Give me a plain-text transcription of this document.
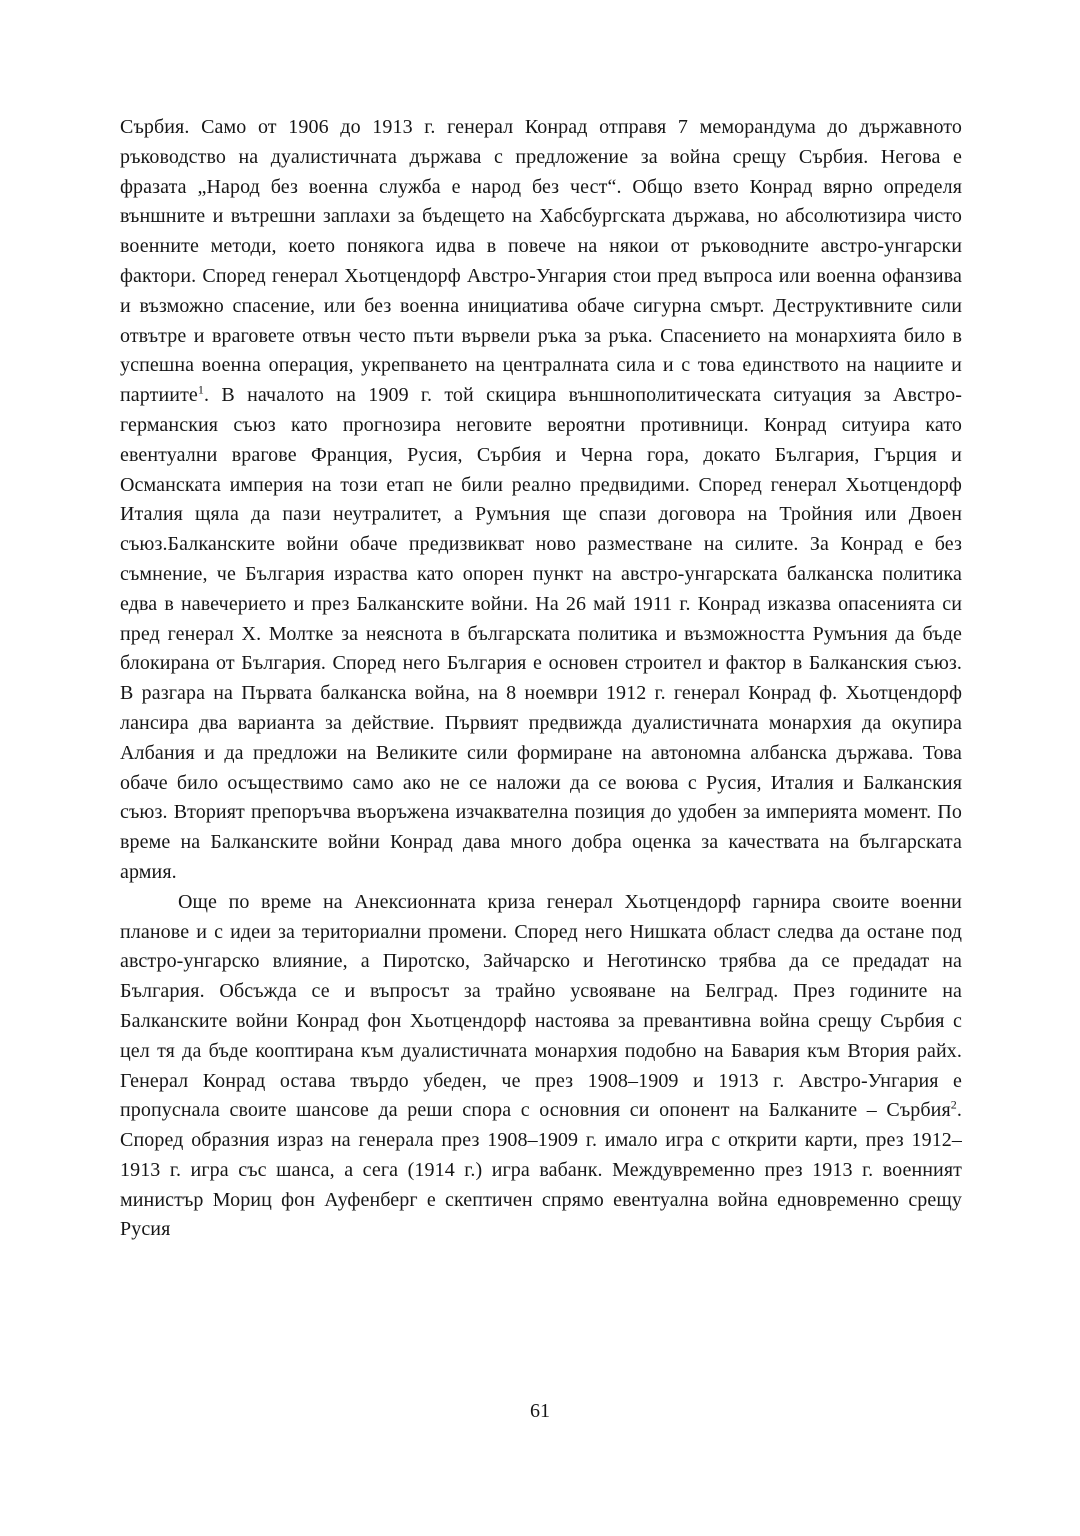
Сърбия. Само от 1906 до 1913 г. генерал Конрад отправя 7 меморандума до държавното ръководство на дуалистичната държава с предложение за война срещу Сърбия. Негова е фразата „Народ без военна служба е народ без чест“. Общо взето Конрад вярно определя външните и вътрешни заплахи за бъдещето на Хабсбургската държава, но абсолютизира чисто военните методи, което понякога идва в повече на някои от ръководните австро-унгарски фактори. Според генерал Хьотцендорф Австро-Унгария стои пред въпроса или военна офанзива и възможно спасение, или без военна инициатива обаче сигурна смърт. Деструктивните сили отвътре и враговете отвън често пъти вървели ръка за ръка. Спасението на монархията било в успешна военна операция, укрепването на централната сила и с това единството на нациите и партиите$^1$. В началото на 1909 г. той скицира външнополитическата ситуация за Австро-германския съюз като прогнозира неговите вероятни противници. Конрад ситуира като евентуални врагове Франция, Русия, Сърбия и Черна гора, докато България, Гърция и Османската империя на този етап не били реално предвидими. Според генерал Хьотцендорф Италия щяла да пази неутралитет, а Румъния ще спази договора на Тройния или Двоен съюз.Балканските войни обаче предизвикват ново разместване на силите. За Конрад е без съмнение, че България израства като опорен пункт на австро-унгарската балканска политика едва в навечерието и през Балканските войни. На 26 май 1911 г. Конрад изказва опасенията си пред генерал Х. Молтке за неяснота в българската политика и възможността Румъния да бъде блокирана от България. Според него България е основен строител и фактор в Балканския съюз. В разгара на Първата балканска война, на 8 ноември 1912 г. генерал Конрад ф. Хьотцендорф лансира два варианта за действие. Първият предвижда дуалистичната монархия да окупира Албания и да предложи на Великите сили формиране на автономна албанска държава. Това обаче било осъществимо само ако не се наложи да се воюва с Русия, Италия и Балканския съюз. Вторият препоръчва въоръжена изчаквателна позиция до удобен за империята момент. По време на Балканските войни Конрад дава много добра оценка за качествата на българската армия.

Още по време на Анексионната криза генерал Хьотцендорф гарнира своите военни планове и с идеи за териториални промени. Според него Нишката област следва да остане под австро-унгарско влияние, а Пиротско, Зайчарско и Неготинско трябва да се предадат на България. Обсъжда се и въпросът за трайно усвояване на Белград. През годините на Балканските войни Конрад фон Хьотцендорф настоява за превантивна война срещу Сърбия с цел тя да бъде кооптирана към дуалистичната монархия подобно на Бавария към Втория райх. Генерал Конрад остава твърдо убеден, че през 1908–1909 и 1913 г. Австро-Унгария е пропуснала своите шансове да реши спора с основния си опонент на Балканите – Сърбия$^2$. Според образния израз на генерала през 1908–1909 г. имало игра с открити карти, през 1912–1913 г. игра със шанса, а сега (1914 г.) игра вабанк. Междувременно през 1913 г. военният министър Мориц фон Ауфенберг е скептичен спрямо евентуална война едновременно срещу Русия

61
